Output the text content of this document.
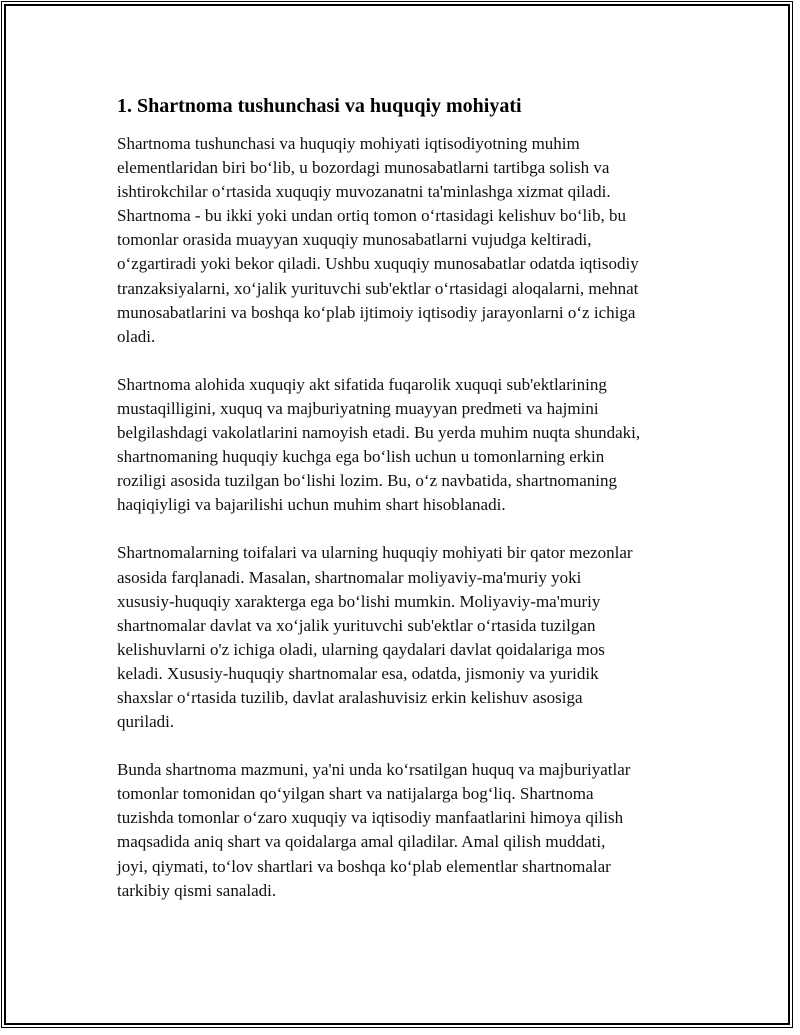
1. Shartnoma tushunchasi va huquqiy mohiyati

Shartnoma tushunchasi va huquqiy mohiyati iqtisodiyotning muhim
elementlaridan biri bo‘lib, u bozordagi munosabatlarni tartibga solish va
ishtirokchilar o‘rtasida xuquqiy muvozanatni ta'minlashga xizmat qiladi.
Shartnoma - bu ikki yoki undan ortiq tomon o‘rtasidagi kelishuv bo‘lib, bu
tomonlar orasida muayyan xuquqiy munosabatlarni vujudga keltiradi,
o‘zgartiradi yoki bekor qiladi. Ushbu xuquqiy munosabatlar odatda iqtisodiy
tranzaksiyalarni, xo‘jalik yurituvchi sub'ektlar o‘rtasidagi aloqalarni, mehnat
munosabatlarini va boshqa ko‘plab ijtimoiy iqtisodiy jarayonlarni o‘z ichiga
oladi.

Shartnoma alohida xuquqiy akt sifatida fuqarolik xuquqi sub'ektlarining
mustaqilligini, xuquq va majburiyatning muayyan predmeti va hajmini
belgilashdagi vakolatlarini namoyish etadi. Bu yerda muhim nuqta shundaki,
shartnomaning huquqiy kuchga ega bo‘lish uchun u tomonlarning erkin
roziligi asosida tuzilgan bo‘lishi lozim. Bu, o‘z navbatida, shartnomaning
haqiqiyligi va bajarilishi uchun muhim shart hisoblanadi.

Shartnomalarning toifalari va ularning huquqiy mohiyati bir qator mezonlar
asosida farqlanadi. Masalan, shartnomalar moliyaviy-ma'muriy yoki
xususiy-huquqiy xarakterga ega bo‘lishi mumkin. Moliyaviy-ma'muriy
shartnomalar davlat va xo‘jalik yurituvchi sub'ektlar o‘rtasida tuzilgan
kelishuvlarni o'z ichiga oladi, ularning qaydalari davlat qoidalariga mos
keladi. Xususiy-huquqiy shartnomalar esa, odatda, jismoniy va yuridik
shaxslar o‘rtasida tuzilib, davlat aralashuvisiz erkin kelishuv asosiga
quriladi.

Bunda shartnoma mazmuni, ya'ni unda ko‘rsatilgan huquq va majburiyatlar
tomonlar tomonidan qo‘yilgan shart va natijalarga bog‘liq. Shartnoma
tuzishda tomonlar o‘zaro xuquqiy va iqtisodiy manfaatlarini himoya qilish
maqsadida aniq shart va qoidalarga amal qiladilar. Amal qilish muddati,
joyi, qiymati, to‘lov shartlari va boshqa ko‘plab elementlar shartnomalar
tarkibiy qismi sanaladi.
